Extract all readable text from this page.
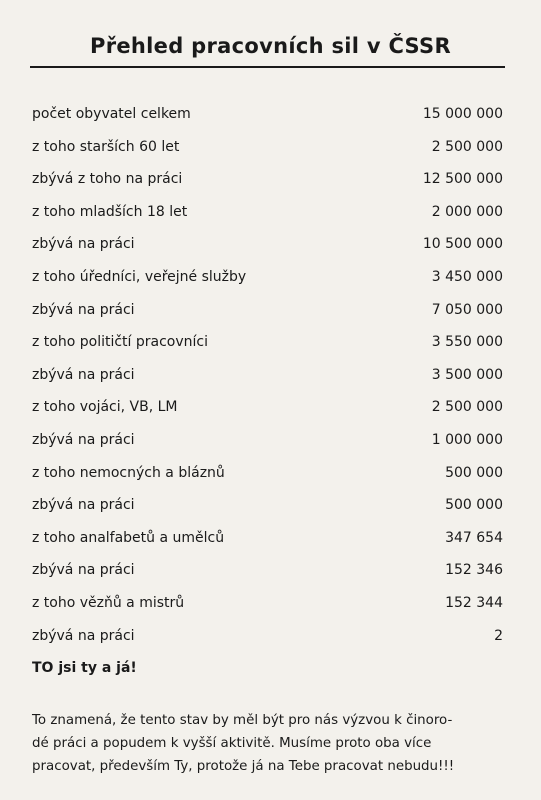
Přehled pracovních sil v ČSSR
počet obyvatel celkem	15 000 000
z toho starších 60 let	2 500 000
zbývá z toho na práci	12 500 000
z toho mladších 18 let	2 000 000
zbývá na práci	10 500 000
z toho úředníci, veřejné služby	3 450 000
zbývá na práci	7 050 000
z toho političtí pracovníci	3 550 000
zbývá na práci	3 500 000
z toho vojáci, VB, LM	2 500 000
zbývá na práci	1 000 000
z toho nemocných a bláznů	500 000
zbývá na práci	500 000
z toho analfabetů a umělců	347 654
zbývá na práci	152 346
z toho vězňů a mistrů	152 344
zbývá na práci	2
TO jsi ty a já!
To znamená, že tento stav by měl být pro nás výzvou k činoro-
dé práci a popudem k vyšší aktivitě. Musíme proto oba více
pracovat, především Ty, protože já na Tebe pracovat nebudu!!!
